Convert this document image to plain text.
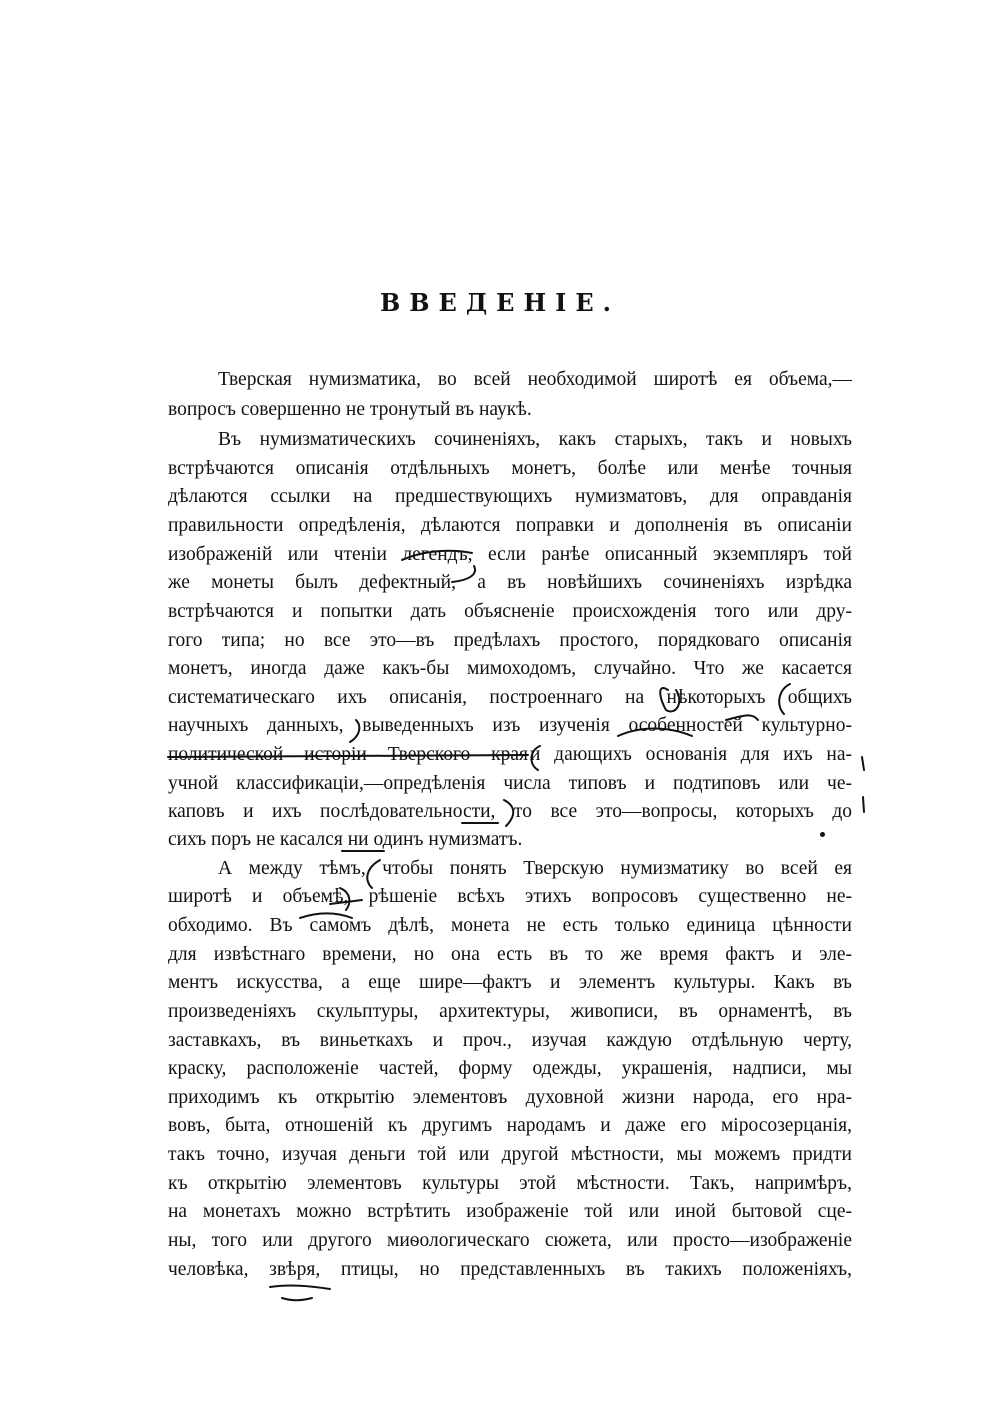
ВВЕДЕНІЕ.
Тверская нумизматика, во всей необходимой широтѣ ея объема,—
вопросъ совершенно не тронутый въ наукѣ.
Въ нумизматическихъ сочиненіяхъ, какъ старыхъ, такъ и новыхъ
встрѣчаются описанія отдѣльныхъ монетъ, болѣе или менѣе точныя
дѣлаются ссылки на предшествующихъ нумизматовъ, для оправданія
правильности опредѣленія, дѣлаются поправки и дополненія въ описаніи
изображеній или чтеніи легендъ, если ранѣе описанный экземпляръ той
же монеты былъ дефектный, а въ новѣйшихъ сочиненіяхъ изрѣдка
встрѣчаются и попытки дать объясненіе происхожденія того или дру-
гого типа; но все это—въ предѣлахъ простого, порядковаго описанія
монетъ, иногда даже какъ-бы мимоходомъ, случайно. Что же касается
систематическаго ихъ описанія, построеннаго на нѣкоторыхъ общихъ
научныхъ данныхъ, выведенныхъ изъ изученія особенностей культурно-
политической исторіи Тверского края и дающихъ основанія для ихъ на-
учной классификаціи,—опредѣленія числа типовъ и подтиповъ или че-
каповъ и ихъ послѣдовательности, то все это—вопросы, которыхъ до
сихъ поръ не касался ни одинъ нумизматъ.
А между тѣмъ, чтобы понять Тверскую нумизматику во всей ея
широтѣ и объемѣ, рѣшеніе всѣхъ этихъ вопросовъ существенно не-
обходимо. Въ самомъ дѣлѣ, монета не есть только единица цѣнности
для извѣстнаго времени, но она есть въ то же время фактъ и эле-
ментъ искусства, а еще шире—фактъ и элементъ культуры. Какъ въ
произведеніяхъ скульптуры, архитектуры, живописи, въ орнаментѣ, въ
заставкахъ, въ виньеткахъ и проч., изучая каждую отдѣльную черту,
краску, расположеніе частей, форму одежды, украшенія, надписи, мы
приходимъ къ открытію элементовъ духовной жизни народа, его нра-
вовъ, быта, отношеній къ другимъ народамъ и даже его міросозерцанія,
такъ точно, изучая деньги той или другой мѣстности, мы можемъ придти
къ открытію элементовъ культуры этой мѣстности. Такъ, напримѣръ,
на монетахъ можно встрѣтить изображеніе той или иной бытовой сце-
ны, того или другого миѳологическаго сюжета, или просто—изображеніе
человѣка, звѣря, птицы, но представленныхъ въ такихъ положеніяхъ,
